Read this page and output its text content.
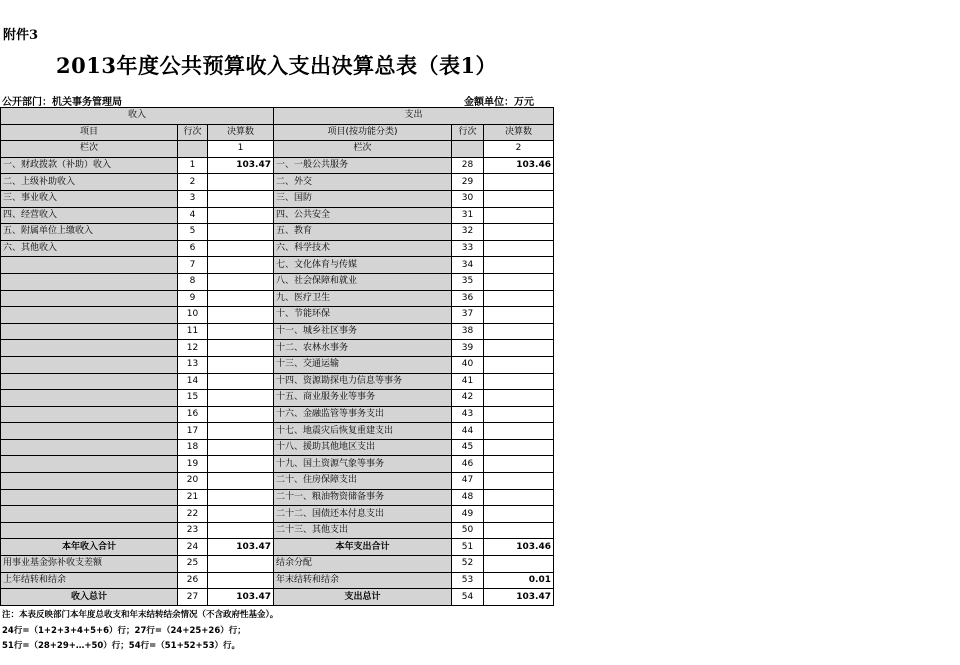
附件3
2013年度公共预算收入支出决算总表（表1）
公开部门：机关事务管理局	金额单位：万元
收入			支出		
项目	行次	决算数	项目(按功能分类)	行次	决算数
栏次		1	栏次		2
一、财政拨款（补助）收入	1	103.47	一、一般公共服务	28	103.46
二、上级补助收入	2		二、外交	29	
三、事业收入	3		三、国防	30	
四、经营收入	4		四、公共安全	31	
五、附属单位上缴收入	5		五、教育	32	
六、其他收入	6		六、科学技术	33	
	7		七、文化体育与传媒	34	
	8		八、社会保障和就业	35	
	9		九、医疗卫生	36	
	10		十、节能环保	37	
	11		十一、城乡社区事务	38	
	12		十二、农林水事务	39	
	13		十三、交通运输	40	
	14		十四、资源勘探电力信息等事务	41	
	15		十五、商业服务业等事务	42	
	16		十六、金融监管等事务支出	43	
	17		十七、地震灾后恢复重建支出	44	
	18		十八、援助其他地区支出	45	
	19		十九、国土资源气象等事务	46	
	20		二十、住房保障支出	47	
	21		二十一、粮油物资储备事务	48	
	22		二十二、国债还本付息支出	49	
	23		二十三、其他支出	50	
本年收入合计	24	103.47	本年支出合计	51	103.46
用事业基金弥补收支差额	25		结余分配	52	
上年结转和结余	26		年末结转和结余	53	0.01
收入总计	27	103.47	支出总计	54	103.47
注：本表反映部门本年度总收支和年末结转结余情况（不含政府性基金）。
24行=（1+2+3+4+5+6）行；27行=（24+25+26）行；
51行=（28+29+…+50）行；54行=（51+52+53）行。
